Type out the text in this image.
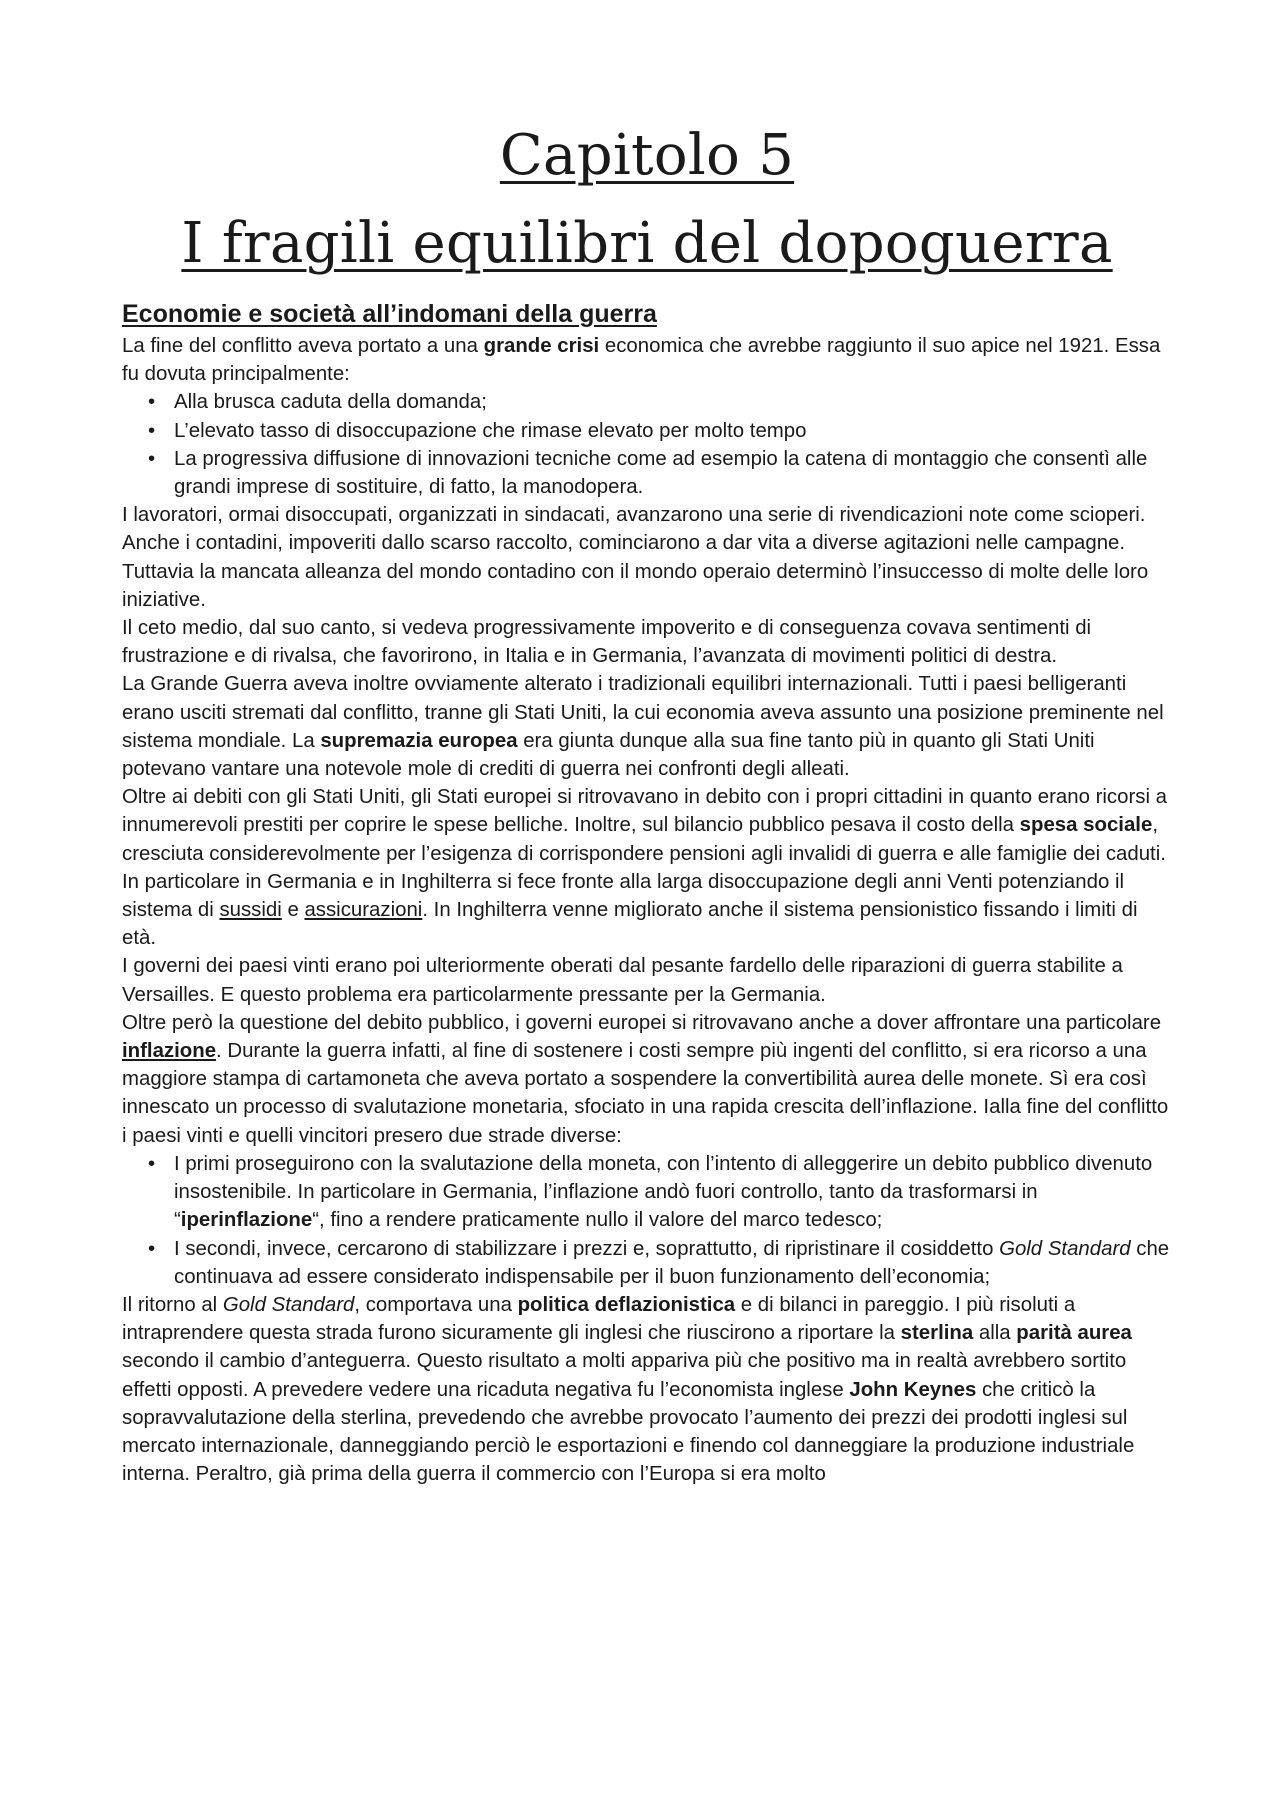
Capitolo 5
I fragili equilibri del dopoguerra
Economie e società all’indomani della guerra

La fine del conflitto aveva portato a una grande crisi economica che avrebbe raggiunto il suo apice nel 1921. Essa fu dovuta principalmente:

• Alla brusca caduta della domanda;
• L’elevato tasso di disoccupazione che rimase elevato per molto tempo
• La progressiva diffusione di innovazioni tecniche come ad esempio la catena di montaggio che consentì alle grandi imprese di sostituire, di fatto, la manodopera.

I lavoratori, ormai disoccupati, organizzati in sindacati, avanzarono una serie di rivendicazioni note come scioperi. Anche i contadini, impoveriti dallo scarso raccolto, cominciarono a dar vita a diverse agitazioni nelle campagne. Tuttavia la mancata alleanza del mondo contadino con il mondo operaio determinò l’insuccesso di molte delle loro iniziative.

Il ceto medio, dal suo canto, si vedeva progressivamente impoverito e di conseguenza covava sentimenti di frustrazione e di rivalsa, che favorirono, in Italia e in Germania, l’avanzata di movimenti politici di destra.

La Grande Guerra aveva inoltre ovviamente alterato i tradizionali equilibri internazionali. Tutti i paesi belligeranti erano usciti stremati dal conflitto, tranne gli Stati Uniti, la cui economia aveva assunto una posizione preminente nel sistema mondiale. La supremazia europea era giunta dunque alla sua fine tanto più in quanto gli Stati Uniti potevano vantare una notevole mole di crediti di guerra nei confronti degli alleati.

Oltre ai debiti con gli Stati Uniti, gli Stati europei si ritrovavano in debito con i propri cittadini in quanto erano ricorsi a innumerevoli prestiti per coprire le spese belliche. Inoltre, sul bilancio pubblico pesava il costo della spesa sociale, cresciuta considerevolmente per l’esigenza di corrispondere pensioni agli invalidi di guerra e alle famiglie dei caduti. In particolare in Germania e in Inghilterra si fece fronte alla larga disoccupazione degli anni Venti potenziando il sistema di sussidi e assicurazioni. In Inghilterra venne migliorato anche il sistema pensionistico fissando i limiti di età.

I governi dei paesi vinti erano poi ulteriormente oberati dal pesante fardello delle riparazioni di guerra stabilite a Versailles. E questo problema era particolarmente pressante per la Germania.

Oltre però la questione del debito pubblico, i governi europei si ritrovavano anche a dover affrontare una particolare inflazione. Durante la guerra infatti, al fine di sostenere i costi sempre più ingenti del conflitto, si era ricorso a una maggiore stampa di cartamoneta che aveva portato a sospendere la convertibilità aurea delle monete. Sì era così innescato un processo di svalutazione monetaria, sfociato in una rapida crescita dell’inflazione. Ialla fine del conflitto i paesi vinti e quelli vincitori presero due strade diverse:

• I primi proseguirono con la svalutazione della moneta, con l’intento di alleggerire un debito pubblico divenuto insostenibile. In particolare in Germania, l’inflazione andò fuori controllo, tanto da trasformarsi in “iperinflazione“, fino a rendere praticamente nullo il valore del marco tedesco;
• I secondi, invece, cercarono di stabilizzare i prezzi e, soprattutto, di ripristinare il cosiddetto Gold Standard che continuava ad essere considerato indispensabile per il buon funzionamento dell’economia;

Il ritorno al Gold Standard, comportava una politica deflazionistica e di bilanci in pareggio. I più risoluti a intraprendere questa strada furono sicuramente gli inglesi che riuscirono a riportare la sterlina alla parità aurea secondo il cambio d’anteguerra. Questo risultato a molti appariva più che positivo ma in realtà avrebbero sortito effetti opposti. A prevedere vedere una ricaduta negativa fu l’economista inglese John Keynes che criticò la sopravvalutazione della sterlina, prevedendo che avrebbe provocato l’aumento dei prezzi dei prodotti inglesi sul mercato internazionale, danneggiando perciò le esportazioni e finendo col danneggiare la produzione industriale interna. Peraltro, già prima della guerra il commercio con l’Europa si era molto
